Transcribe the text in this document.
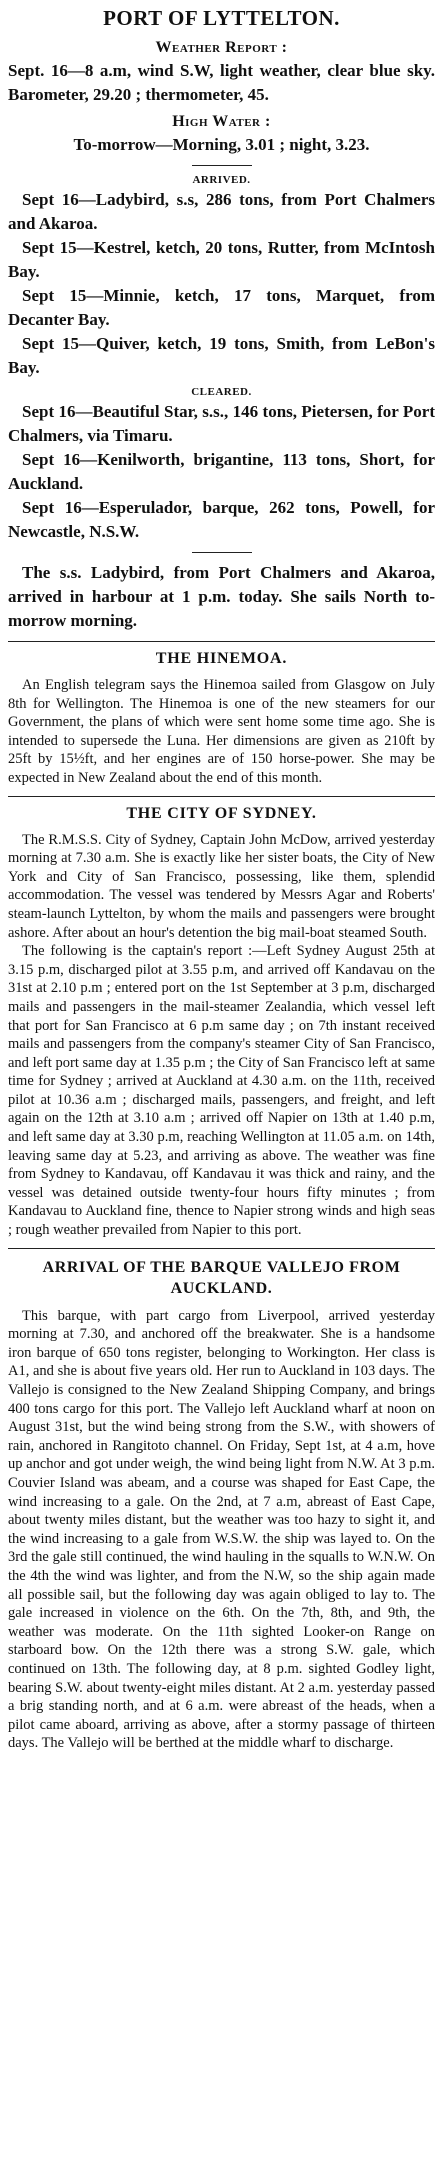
PORT OF LYTTELTON.
Weather Report :

Sept. 16—8 a.m, wind S.W, light weather, clear blue sky. Barometer, 29.20 ; thermometer, 45.

High Water :

To-morrow—Morning, 3.01 ; night, 3.23.

ARRIVED.

Sept 16—Ladybird, s.s, 286 tons, from Port Chalmers and Akaroa.

Sept 15—Kestrel, ketch, 20 tons, Rutter, from McIntosh Bay.

Sept 15—Minnie, ketch, 17 tons, Marquet, from Decanter Bay.

Sept 15—Quiver, ketch, 19 tons, Smith, from LeBon's Bay.

CLEARED.

Sept 16—Beautiful Star, s.s., 146 tons, Pietersen, for Port Chalmers, via Timaru.

Sept 16—Kenilworth, brigantine, 113 tons, Short, for Auckland.

Sept 16—Esperulador, barque, 262 tons, Powell, for Newcastle, N.S.W.

The s.s. Ladybird, from Port Chalmers and Akaroa, arrived in harbour at 1 p.m. today. She sails North to-morrow morning.

THE HINEMOA.

An English telegram says the Hinemoa sailed from Glasgow on July 8th for Wellington. The Hinemoa is one of the new steamers for our Government, the plans of which were sent home some time ago. She is intended to supersede the Luna. Her dimensions are given as 210ft by 25ft by 15½ft, and her engines are of 150 horse-power. She may be expected in New Zealand about the end of this month.

THE CITY OF SYDNEY.

The R.M.S.S. City of Sydney, Captain John McDow, arrived yesterday morning at 7.30 a.m. She is exactly like her sister boats, the City of New York and City of San Francisco, possessing, like them, splendid accommodation. The vessel was tendered by Messrs Agar and Roberts' steam-launch Lyttelton, by whom the mails and passengers were brought ashore. After about an hour's detention the big mail-boat steamed South.

The following is the captain's report :—Left Sydney August 25th at 3.15 p.m, discharged pilot at 3.55 p.m, and arrived off Kandavau on the 31st at 2.10 p.m ; entered port on the 1st September at 3 p.m, discharged mails and passengers in the mail-steamer Zealandia, which vessel left that port for San Francisco at 6 p.m same day ; on 7th instant received mails and passengers from the company's steamer City of San Francisco, and left port same day at 1.35 p.m ; the City of San Francisco left at same time for Sydney ; arrived at Auckland at 4.30 a.m. on the 11th, received pilot at 10.36 a.m ; discharged mails, passengers, and freight, and left again on the 12th at 3.10 a.m ; arrived off Napier on 13th at 1.40 p.m, and left same day at 3.30 p.m, reaching Wellington at 11.05 a.m. on 14th, leaving same day at 5.23, and arriving as above. The weather was fine from Sydney to Kandavau, off Kandavau it was thick and rainy, and the vessel was detained outside twenty-four hours fifty minutes ; from Kandavau to Auckland fine, thence to Napier strong winds and high seas ; rough weather prevailed from Napier to this port.

ARRIVAL OF THE BARQUE VALLEJO FROM AUCKLAND.

This barque, with part cargo from Liverpool, arrived yesterday morning at 7.30, and anchored off the breakwater. She is a handsome iron barque of 650 tons register, belonging to Workington. Her class is A1, and she is about five years old. Her run to Auckland in 103 days. The Vallejo is consigned to the New Zealand Shipping Company, and brings 400 tons cargo for this port. The Vallejo left Auckland wharf at noon on August 31st, but the wind being strong from the S.W., with showers of rain, anchored in Rangitoto channel. On Friday, Sept 1st, at 4 a.m, hove up anchor and got under weigh, the wind being light from N.W. At 3 p.m. Couvier Island was abeam, and a course was shaped for East Cape, the wind increasing to a gale. On the 2nd, at 7 a.m, abreast of East Cape, about twenty miles distant, but the weather was too hazy to sight it, and the wind increasing to a gale from W.S.W. the ship was layed to. On the 3rd the gale still continued, the wind hauling in the squalls to W.N.W. On the 4th the wind was lighter, and from the N.W, so the ship again made all possible sail, but the following day was again obliged to lay to. The gale increased in violence on the 6th. On the 7th, 8th, and 9th, the weather was moderate. On the 11th sighted Looker-on Range on starboard bow. On the 12th there was a strong S.W. gale, which continued on 13th. The following day, at 8 p.m. sighted Godley light, bearing S.W. about twenty-eight miles distant. At 2 a.m. yesterday passed a brig standing north, and at 6 a.m. were abreast of the heads, when a pilot came aboard, arriving as above, after a stormy passage of thirteen days. The Vallejo will be berthed at the middle wharf to discharge.
